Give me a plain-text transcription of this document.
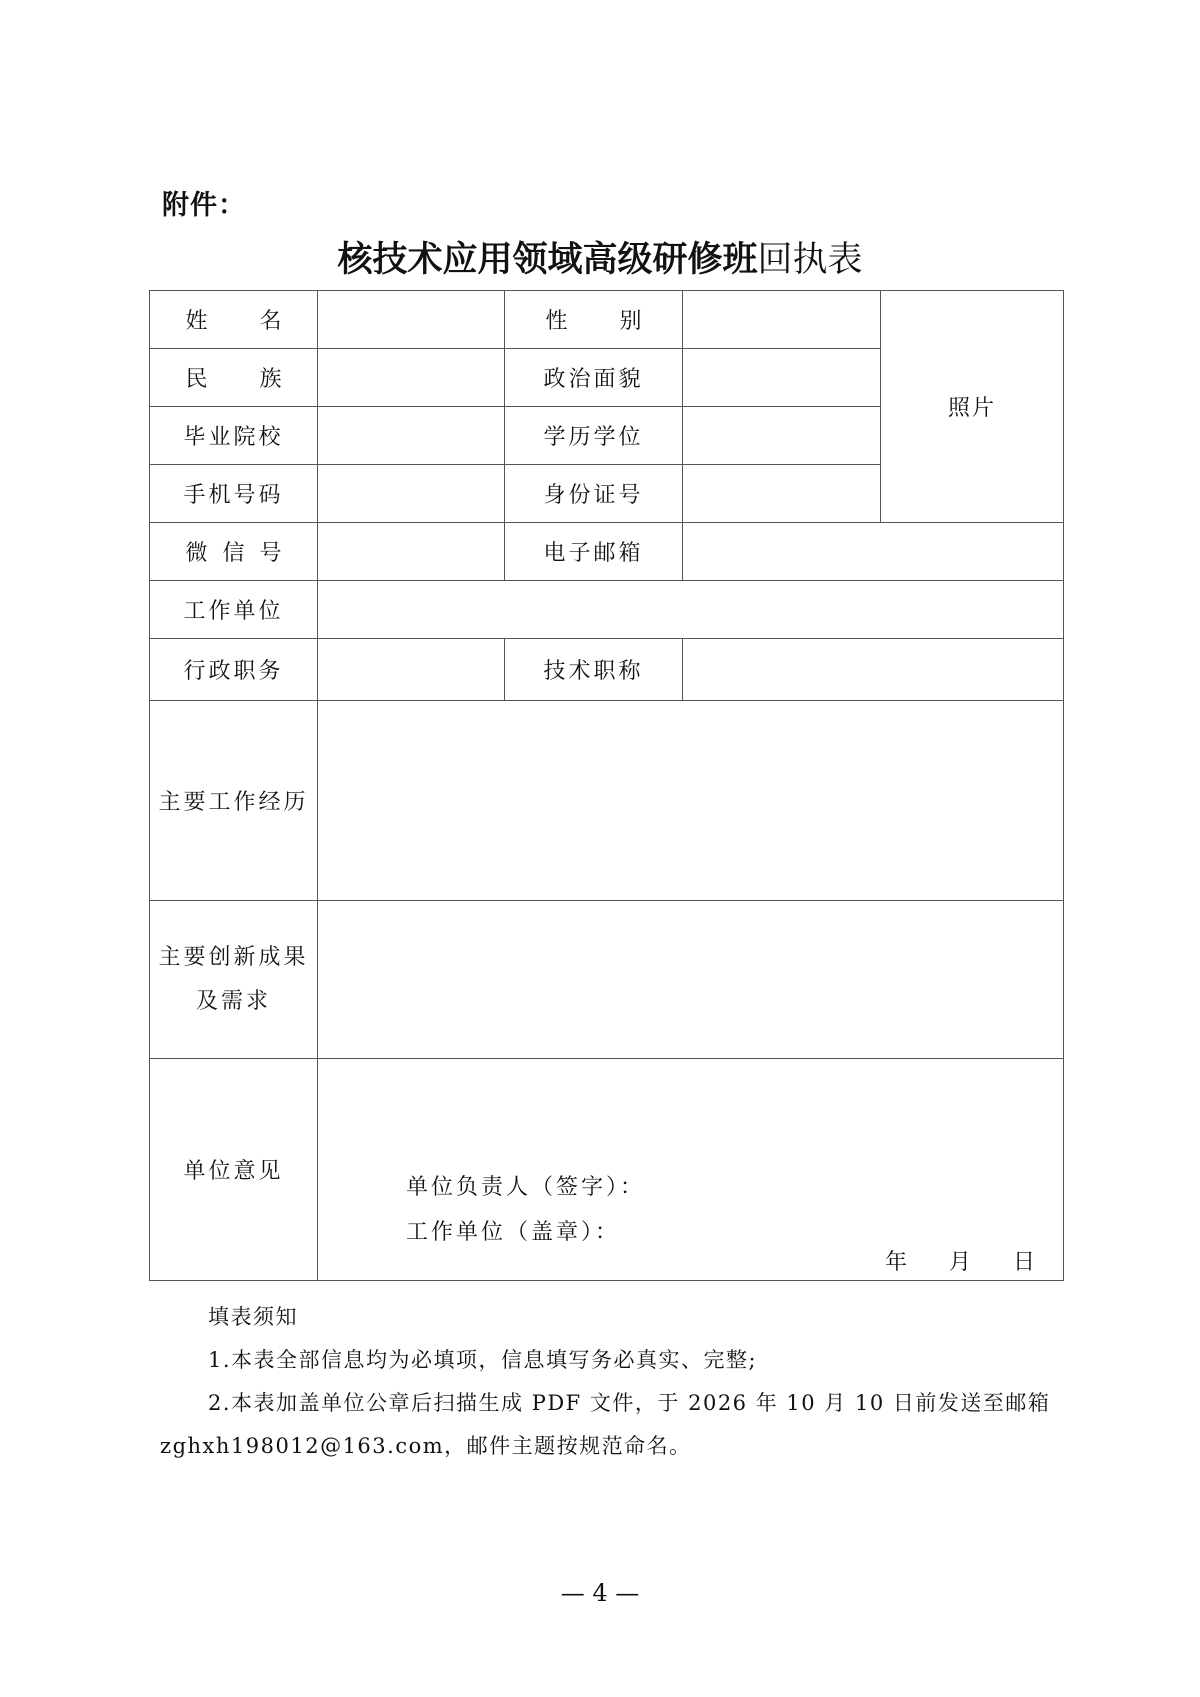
附件：
核技术应用领域高级研修班回执表
姓 名		性 别		照片

民 族		政治面貌		
毕业院校		学历学位		
手机号码		身份证号		

微 信 号		电子邮箱		
工作单位				
行政职务		技术职称		
主要工作经历				

主要创新成果
及需求				

单位意见	单位负责人（签字）：
工作单位（盖章）：
年 月 日			
填表须知
1.本表全部信息均为必填项，信息填写务必真实、完整;
2.本表加盖单位公章后扫描生成 PDF 文件，于 2026 年 10 月 10 日前发送至邮箱 zghxh198012@163.com，邮件主题按规范命名。
— 4 —
